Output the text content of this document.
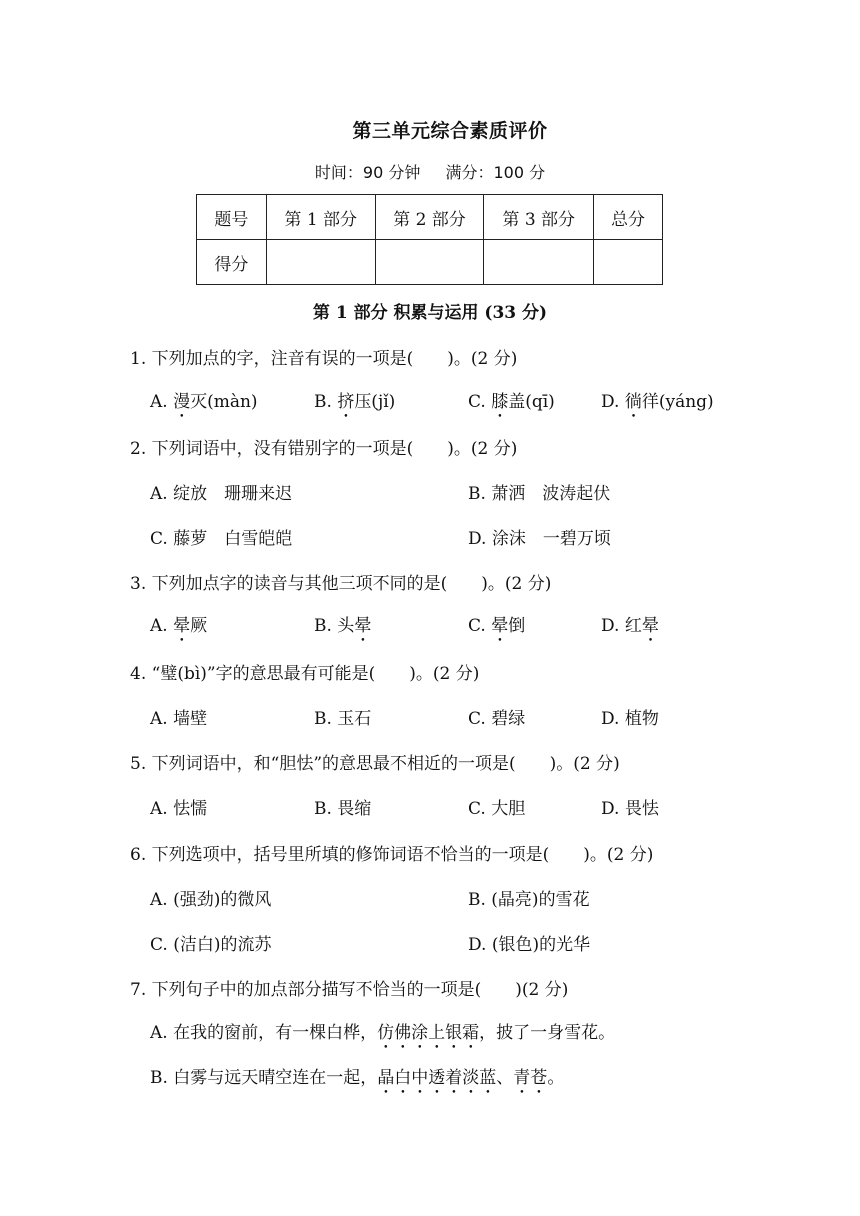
第三单元综合素质评价
时间：90 分钟 满分：100 分
题号	第 1 部分	第 2 部分	第 3 部分	总分
得分				
第 1 部分 积累与运用 (33 分)
1. 下列加点的字，注音有误的一项是(　　)。(2 分)
A. 漫灭(màn)	B. 挤压(jǐ)	C. 膝盖(qī)	D. 徜徉(yáng)
2. 下列词语中，没有错别字的一项是(　　)。(2 分)
A. 绽放　珊珊来迟	B. 萧洒　波涛起伏
C. 藤萝　白雪皑皑	D. 涂沫　一碧万顷
3. 下列加点字的读音与其他三项不同的是(　　)。(2 分)
A. 晕厥	B. 头晕	C. 晕倒	D. 红晕
4. “璧(bì)”字的意思最有可能是(　　)。(2 分)
A. 墙壁	B. 玉石	C. 碧绿	D. 植物
5. 下列词语中，和“胆怯”的意思最不相近的一项是(　　)。(2 分)
A. 怯懦	B. 畏缩	C. 大胆	D. 畏怯
6. 下列选项中，括号里所填的修饰词语不恰当的一项是(　　)。(2 分)
A. (强劲)的微风	B. (晶亮)的雪花
C. (洁白)的流苏	D. (银色)的光华
7. 下列句子中的加点部分描写不恰当的一项是(　　)(2 分)
A. 在我的窗前，有一棵白桦，仿佛涂上银霜，披了一身雪花。
B. 白雾与远天晴空连在一起，晶白中透着淡蓝、青苍。
